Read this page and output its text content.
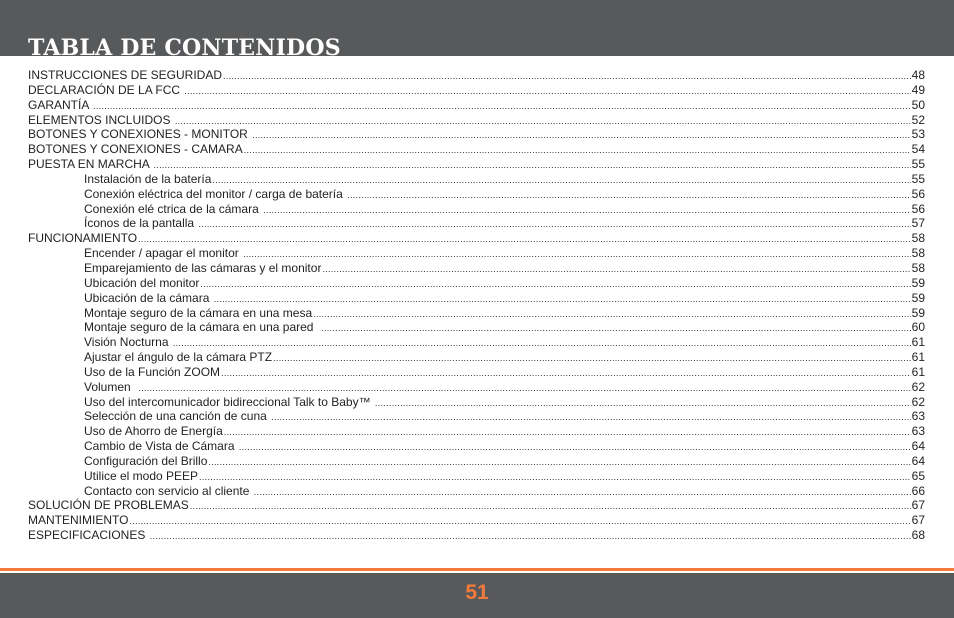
TABLA DE CONTENIDOS
INSTRUCCIONES DE SEGURIDAD .....	48
DECLARACIÓN DE LA FCC .....	49
GARANTÍA .....	50
ELEMENTOS INCLUIDOS .....	52
BOTONES Y CONEXIONES - MONITOR .....	53
BOTONES Y CONEXIONES - CAMARA .....	54
PUESTA EN MARCHA .....	55
Instalación de la batería .....	55
Conexión eléctrica del monitor / carga de batería .....	56
Conexión elé ctrica de la cámara .....	56
Íconos de la pantalla .....	57
FUNCIONAMIENTO .....	58
Encender / apagar el monitor .....	58
Emparejamiento de las cámaras y el monitor .....	58
Ubicación del monitor .....	59
Ubicación de la cámara .....	59
Montaje seguro de la cámara en una mesa .....	59
Montaje seguro de la cámara en una pared .....	60
Visión Nocturna .....	61
Ajustar el ángulo de la cámara PTZ .....	61
Uso de la Función ZOOM .....	61
Volumen .....	62
Uso del intercomunicador bidireccional Talk to Baby™ .....	62
Selección de una canción de cuna .....	63
Uso de Ahorro de Energía .....	63
Cambio de Vista de Cámara .....	64
Configuración del Brillo .....	64
Utilice el modo PEEP .....	65
Contacto con servicio al cliente .....	66
SOLUCIÓN DE PROBLEMAS .....	67
MANTENIMIENTO .....	67
ESPECIFICACIONES .....	68
51
